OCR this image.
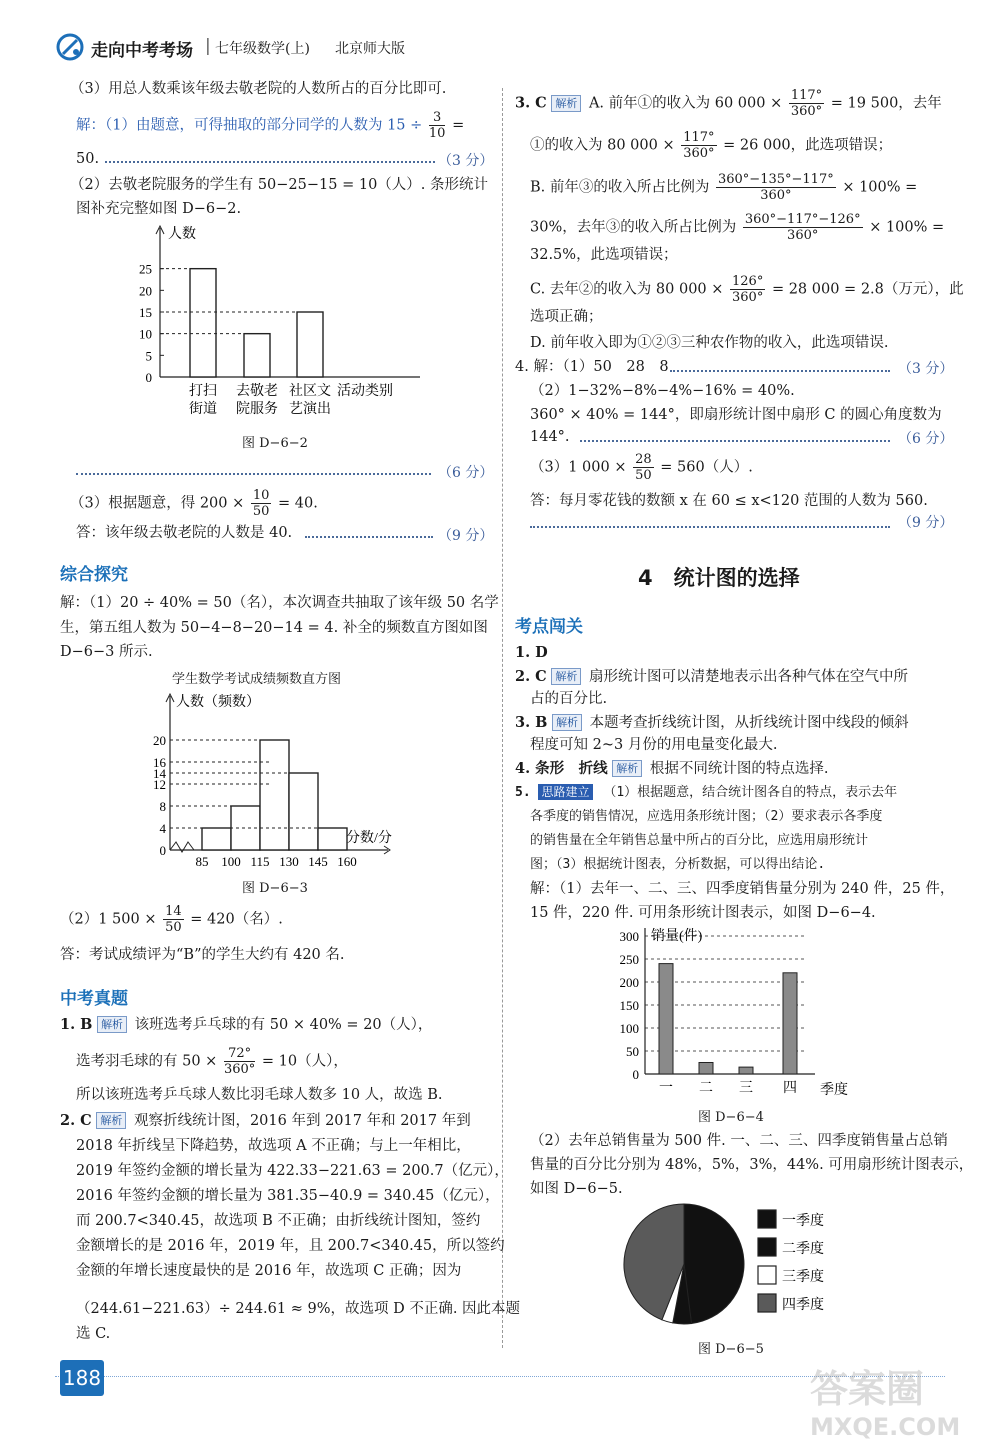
走向中考考场 | 七年级数学(上) 北京师大版
（3）用总人数乘该年级去敬老院的人数所占的百分比即可.
解：（1）由题意，可得抽取的部分同学的人数为 $15 \div \frac{3}{10}$ =
50.	（3 分）
（2）去敬老院服务的学生有 50−25−15 = 10（人）. 条形统计
图补充完整如图 D−6−2.
人数
0
5
10
15
20
25
打扫
街道
去敬老
院服务
社区文
艺演出
活动类别
图 D−6−2
（6 分）
（3）根据题意，得 $200 \times \frac{10}{50} = 40$.
答：该年级去敬老院的人数是 40.	（9 分）
综合探究
解：（1）20 ÷ 40% = 50（名），本次调查共抽取了该年级 50 名学
生，第五组人数为 50−4−8−20−14 = 4. 补全的频数直方图如图
D−6−3 所示.
学生数学考试成绩频数直方图
人数（频数）
0
4
8
12
14
16
20
85 100 115 130 145 160
分数/分
图 D−6−3
（2）1 $500 \times \frac{14}{50} = 420$（名）.
答：考试成绩评为“B”的学生大约有 420 名.
中考真题
1. B 解析 该班选考乒乓球的有 50 × 40% = 20（人），
选考羽毛球的有 $50 \times \frac{72^\circ}{360^\circ} = 10$（人），
所以该班选考乒乓球人数比羽毛球人数多 10 人，故选 B.
2. C 解析 观察折线统计图，2016 年到 2017 年和 2017 年到
2018 年折线呈下降趋势，故选项 A 不正确；与上一年相比，
2019 年签约金额的增长量为 422.33−221.63 = 200.7（亿元），
2016 年签约金额的增长量为 381.35−40.9 = 340.45（亿元），
而 200.7<340.45，故选项 B 不正确；由折线统计图知，签约
金额增长的是 2016 年，2019 年，且 200.7<340.45，所以签约
金额的年增长速度最快的是 2016 年，故选项 C 正确；因为
（244.61−221.63）÷ 244.61 ≈ 9%，故选项 D 不正确. 因此本题
选 C.
3. C 解析 A. 前年①的收入为 60 $000 \times \frac{117^\circ}{360^\circ} = 19$ 500，去年
①的收入为 80 $000 \times \frac{117^\circ}{360^\circ} = 26$ 000，此选项错误；
B. 前年③的收入所占比例为 $\frac{360^\circ-135^\circ-117^\circ}{360^\circ} \times 100\%$ =
30%，去年③的收入所占比例为 $\frac{360^\circ-117^\circ-126^\circ}{360^\circ} \times 100\%$ =
32.5%，此选项错误；
C. 去年②的收入为 80 $000 \times \frac{126^\circ}{360^\circ} = 28$ 000 = 2.8（万元），此
选项正确；
D. 前年收入即为①②③三种农作物的收入，此选项错误.
4. 解：（1）50　28　8	（3 分）
（2）1−32%−8%−4%−16% = 40%.
360° × 40% = 144°，即扇形统计图中扇形 C 的圆心角度数为
144°.	（6 分）
（3）1 $000 \times \frac{28}{50} = 560$（人）.
答：每月零花钱的数额 x 在 60 ≤ x<120 范围的人数为 560.
（9 分）
4　统计图的选择
考点闯关
1. D
2. C 解析 扇形统计图可以清楚地表示出各种气体在空气中所
占的百分比.
3. B 解析 本题考查折线统计图，从折线统计图中线段的倾斜
程度可知 2~3 月份的用电量变化最大.
4. 条形　折线 解析 根据不同统计图的特点选择.
5. 思路建立 （1）根据题意，结合统计图各自的特点，表示去年
各季度的销售情况，应选用条形统计图；（2）要求表示各季度
的销售量在全年销售总量中所占的百分比，应选用扇形统计
图；（3）根据统计图表，分析数据，可以得出结论.
解：（1）去年一、二、三、四季度销售量分别为 240 件，25 件，
15 件，220 件. 可用条形统计图表示，如图 D−6−4.
0
50
100
150
200
250
300 销量(件)
一 二 三 四 季度
图 D−6−4
（2）去年总销售量为 500 件. 一、二、三、四季度销售量占总销
售量的百分比分别为 48%，5%，3%，44%. 可用扇形统计图表示，
如图 D−6−5.
一季度
二季度
三季度
四季度
图 D−6−5
188	答案圈
MXQE.COM
